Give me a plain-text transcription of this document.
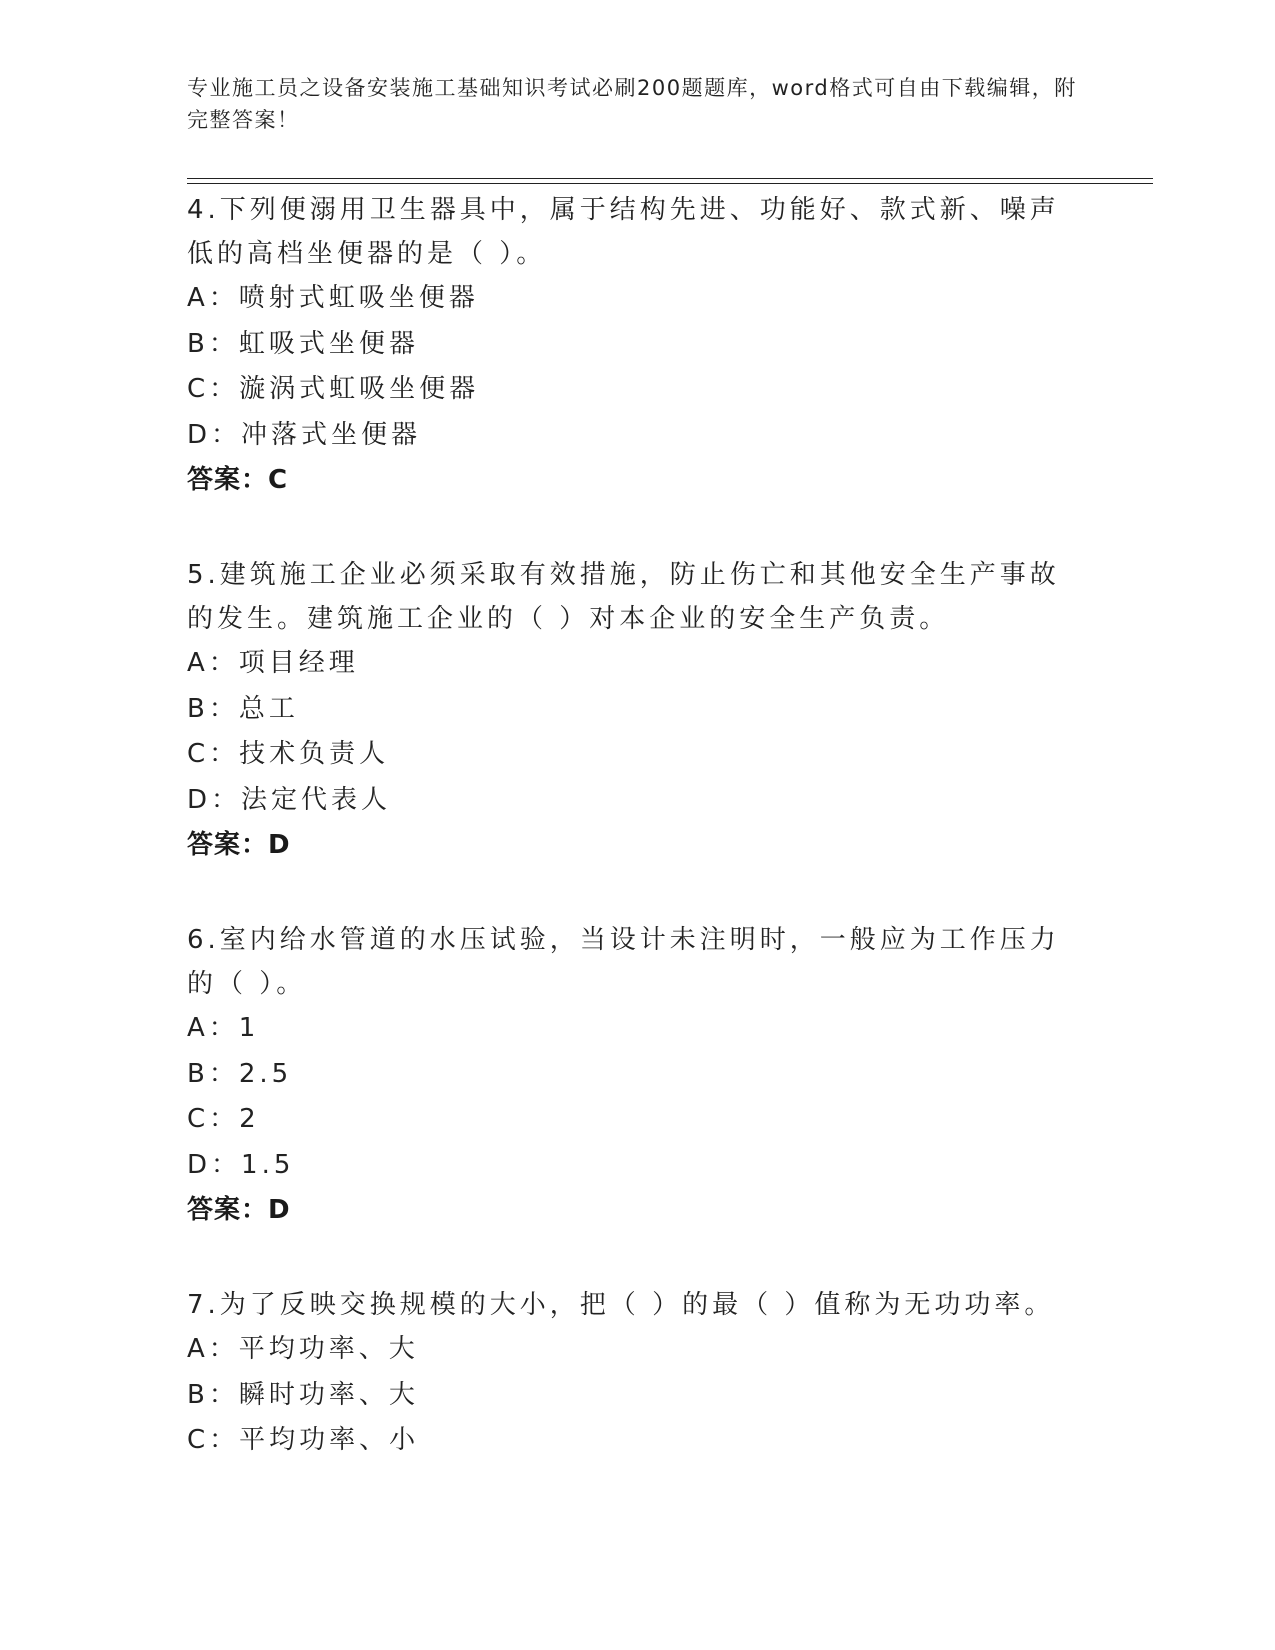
专业施工员之设备安装施工基础知识考试必刷200题题库，word格式可自由下载编辑，附完整答案！

4.下列便溺用卫生器具中，属于结构先进、功能好、款式新、噪声低的高档坐便器的是（ ）。

A：喷射式虹吸坐便器

B：虹吸式坐便器

C：漩涡式虹吸坐便器

D：冲落式坐便器

答案：C

5.建筑施工企业必须采取有效措施，防止伤亡和其他安全生产事故的发生。建筑施工企业的（ ）对本企业的安全生产负责。

A：项目经理

B：总工

C：技术负责人

D：法定代表人

答案：D

6.室内给水管道的水压试验，当设计未注明时，一般应为工作压力的（ ）。

A：1

B：2.5

C：2

D：1.5

答案：D

7.为了反映交换规模的大小，把（ ）的最（ ）值称为无功功率。

A：平均功率、大

B：瞬时功率、大

C：平均功率、小
